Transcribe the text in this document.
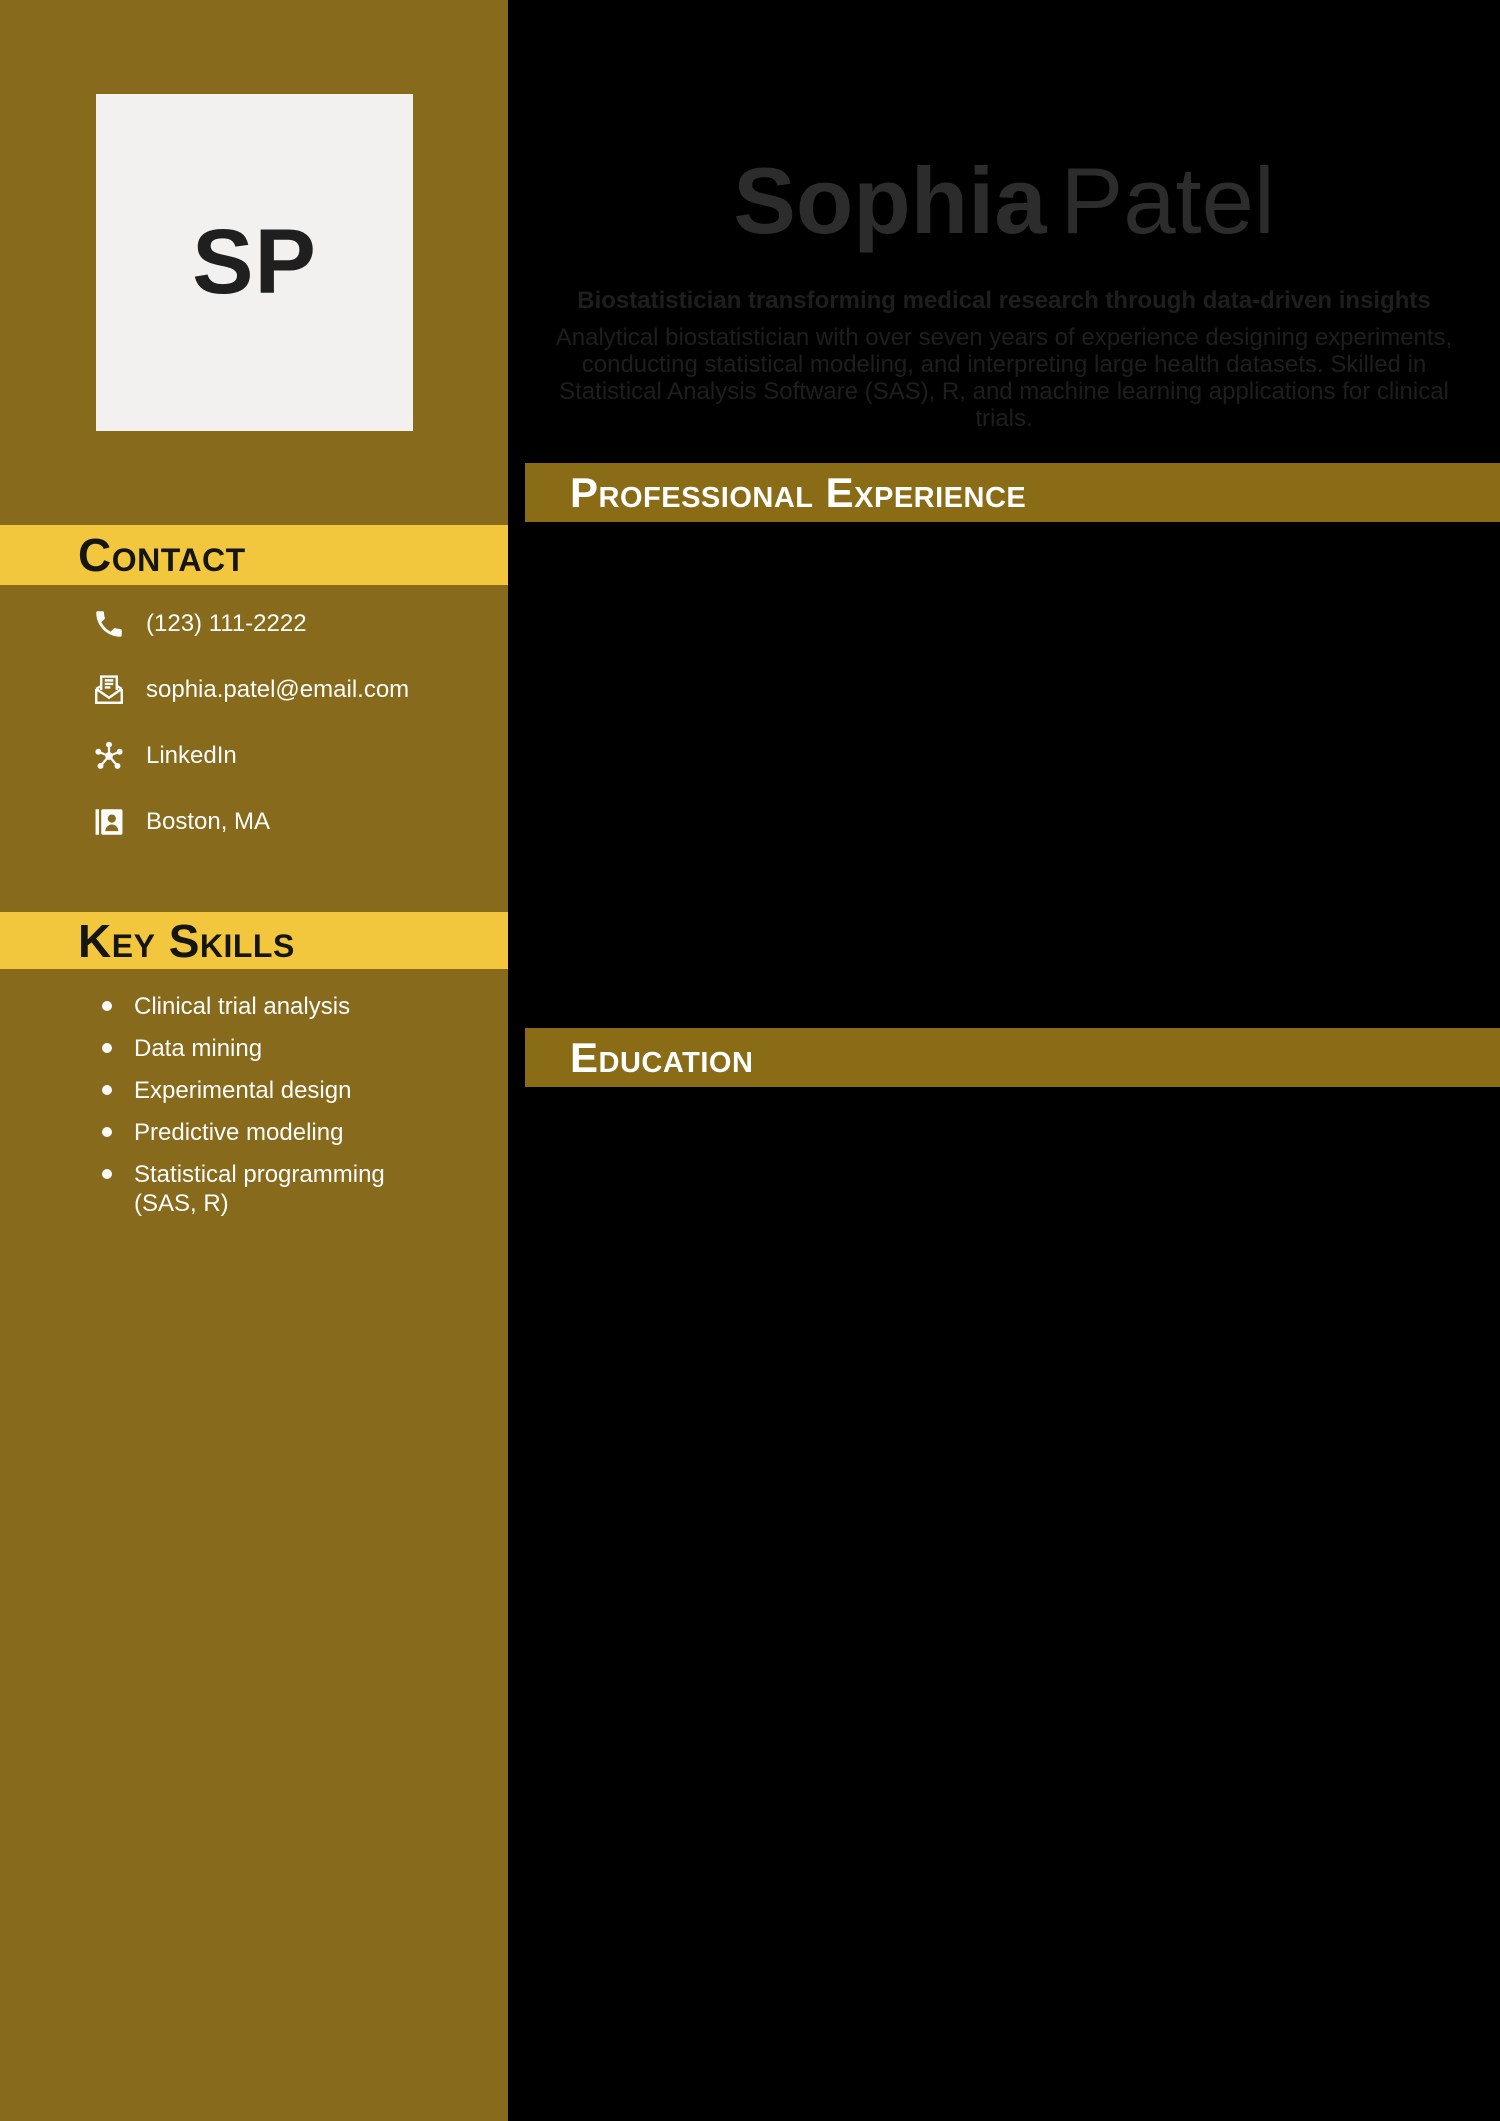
SP
Contact
(123) 111-2222
sophia.patel@email.com
LinkedIn
Boston, MA
Key Skills
Clinical trial analysis
Data mining
Experimental design
Predictive modeling
Statistical programming (SAS, R)
Sophia Patel

Biostatistician transforming medical research through data-driven insights

Analytical biostatistician with over seven years of experience designing experiments, conducting statistical modeling, and interpreting large health datasets. Skilled in Statistical Analysis Software (SAS), R, and machine learning applications for clinical trials.

Professional Experience
Education
